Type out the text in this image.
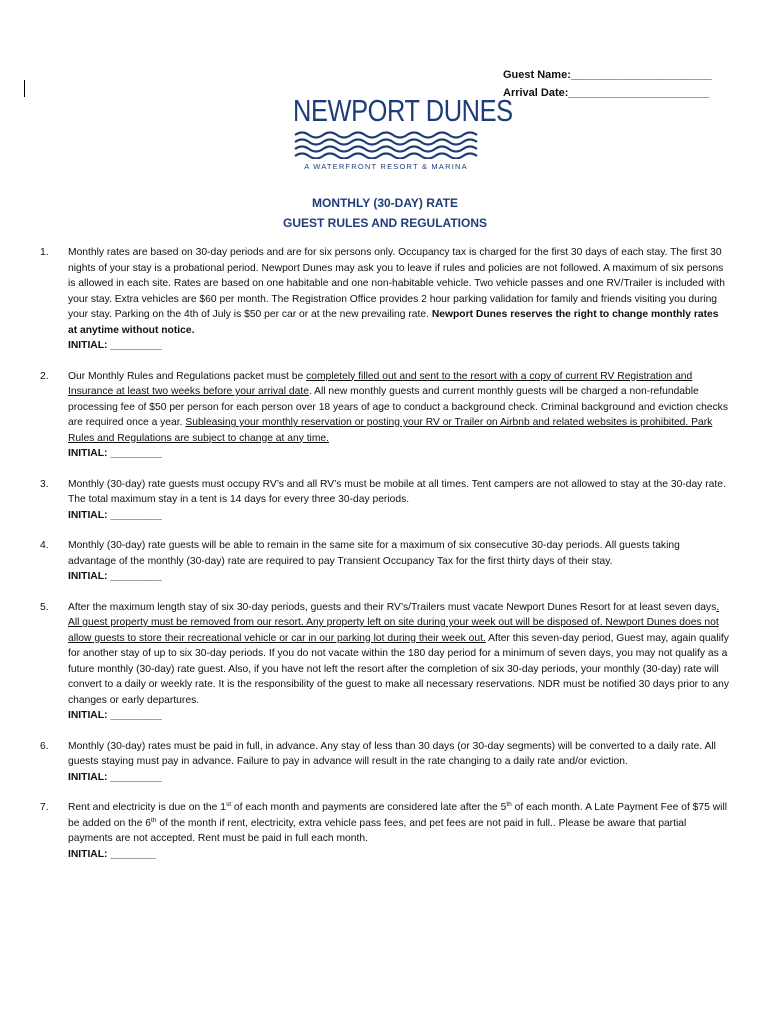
Guest Name:_______________________
Arrival Date:_______________________
NEWPORT DUNES
A WATERFRONT RESORT & MARINA
MONTHLY (30-DAY) RATE
GUEST RULES AND REGULATIONS
1. Monthly rates are based on 30-day periods and are for six persons only. Occupancy tax is charged for the first 30 days of each stay. The first 30 nights of your stay is a probational period. Newport Dunes may ask you to leave if rules and policies are not followed. A maximum of six persons is allowed in each site. Rates are based on one habitable and one non-habitable vehicle. Two vehicle passes and one RV/Trailer is included with your stay. Extra vehicles are $60 per month. The Registration Office provides 2 hour parking validation for family and friends visiting you during your stay. Parking on the 4th of July is $50 per car or at the new prevailing rate. Newport Dunes reserves the right to change monthly rates at anytime without notice.
INITIAL: _________
2. Our Monthly Rules and Regulations packet must be completely filled out and sent to the resort with a copy of current RV Registration and Insurance at least two weeks before your arrival date. All new monthly guests and current monthly guests will be charged a non-refundable processing fee of $50 per person for each person over 18 years of age to conduct a background check. Criminal background and eviction checks are required once a year. Subleasing your monthly reservation or posting your RV or Trailer on Airbnb and related websites is prohibited. Park Rules and Regulations are subject to change at any time.
INITIAL: _________
3. Monthly (30-day) rate guests must occupy RV’s and all RV’s must be mobile at all times. Tent campers are not allowed to stay at the 30-day rate. The total maximum stay in a tent is 14 days for every three 30-day periods.
INITIAL: _________
4. Monthly (30-day) rate guests will be able to remain in the same site for a maximum of six consecutive 30-day periods. All guests taking advantage of the monthly (30-day) rate are required to pay Transient Occupancy Tax for the first thirty days of their stay.
INITIAL: _________
5. After the maximum length stay of six 30-day periods, guests and their RV’s/Trailers must vacate Newport Dunes Resort for at least seven days. All guest property must be removed from our resort. Any property left on site during your week out will be disposed of. Newport Dunes does not allow guests to store their recreational vehicle or car in our parking lot during their week out. After this seven-day period, Guest may, again qualify for another stay of up to six 30-day periods. If you do not vacate within the 180 day period for a minimum of seven days, you may not qualify as a future monthly (30-day) rate guest. Also, if you have not left the resort after the completion of six 30-day periods, your monthly (30-day) rate will convert to a daily or weekly rate. It is the responsibility of the guest to make all necessary reservations. NDR must be notified 30 days prior to any changes or early departures.
INITIAL: _________
6. Monthly (30-day) rates must be paid in full, in advance. Any stay of less than 30 days (or 30-day segments) will be converted to a daily rate. All guests staying must pay in advance. Failure to pay in advance will result in the rate changing to a daily rate and/or eviction.
INITIAL: _________
7. Rent and electricity is due on the 1st of each month and payments are considered late after the 5th of each month. A Late Payment Fee of $75 will be added on the 6th of the month if rent, electricity, extra vehicle pass fees, and pet fees are not paid in full.. Please be aware that partial payments are not accepted. Rent must be paid in full each month.
INITIAL: ________
